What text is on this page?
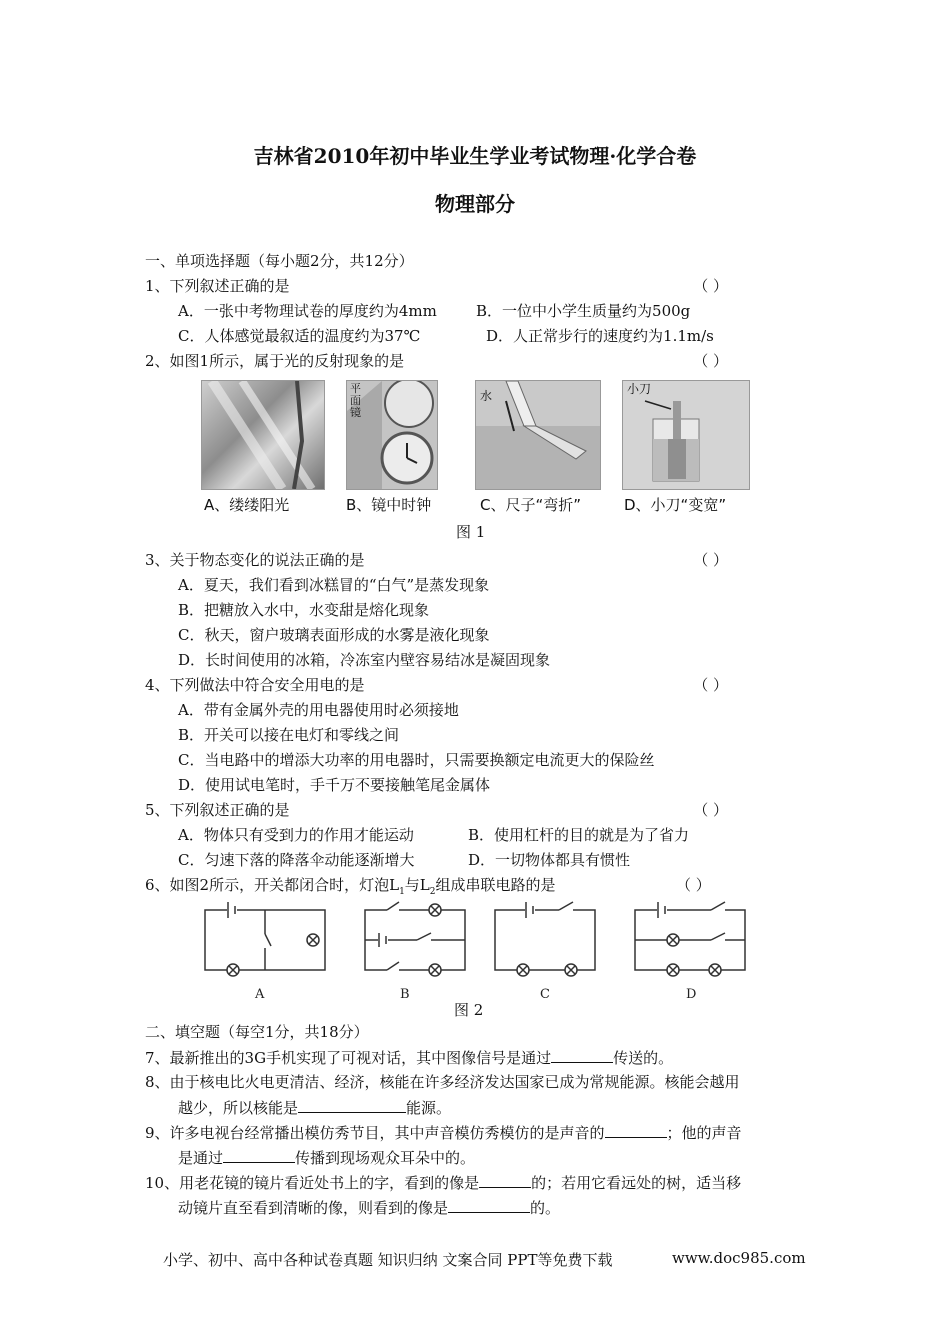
吉林省2010年初中毕业生学业考试物理·化学合卷
物理部分
一、单项选择题（每小题2分，共12分）
1、下列叙述正确的是	（ ）
A．一张中考物理试卷的厚度约为4mm	B．一位中小学生质量约为500g
C．人体感觉最叙适的温度约为37℃	D．人正常步行的速度约为1.1m/s
2、如图1所示，属于光的反射现象的是	（ ）
平面镜
水	小刀
A、缕缕阳光	B、镜中时钟	C、尺子“弯折”	D、小刀“变宽”
图 1
3、关于物态变化的说法正确的是	（ ）
A．夏天，我们看到冰糕冒的“白气”是蒸发现象
B．把糖放入水中，水变甜是熔化现象
C．秋天，窗户玻璃表面形成的水雾是液化现象
D．长时间使用的冰箱，冷冻室内壁容易结冰是凝固现象
4、下列做法中符合安全用电的是	（ ）
A．带有金属外壳的用电器使用时必须接地
B．开关可以接在电灯和零线之间
C．当电路中的增添大功率的用电器时，只需要换额定电流更大的保险丝
D．使用试电笔时，手千万不要接触笔尾金属体
5、下列叙述正确的是	（ ）
A．物体只有受到力的作用才能运动	B．使用杠杆的目的就是为了省力
C．匀速下落的降落伞动能逐渐增大	D．一切物体都具有惯性
6、如图2所示，开关都闭合时，灯泡$L_1$与$L_2$组成串联电路的是	（ ）
A	B	C	D
图 2
二、填空题（每空1分，共18分）
7、最新推出的3G手机实现了可视对话，其中图像信号是通过	传送的。
8、由于核电比火电更清洁、经济，核能在许多经济发达国家已成为常规能源。核能会越用
越少，所以核能是	能源。
9、许多电视台经常播出模仿秀节目，其中声音模仿秀模仿的是声音的	；他的声音
是通过	传播到现场观众耳朵中的。
10、用老花镜的镜片看近处书上的字，看到的像是	的；若用它看远处的树，适当移
动镜片直至看到清晰的像，则看到的像是	的。
小学、初中、高中各种试卷真题 知识归纳 文案合同 PPT等免费下载	www.doc985.com
